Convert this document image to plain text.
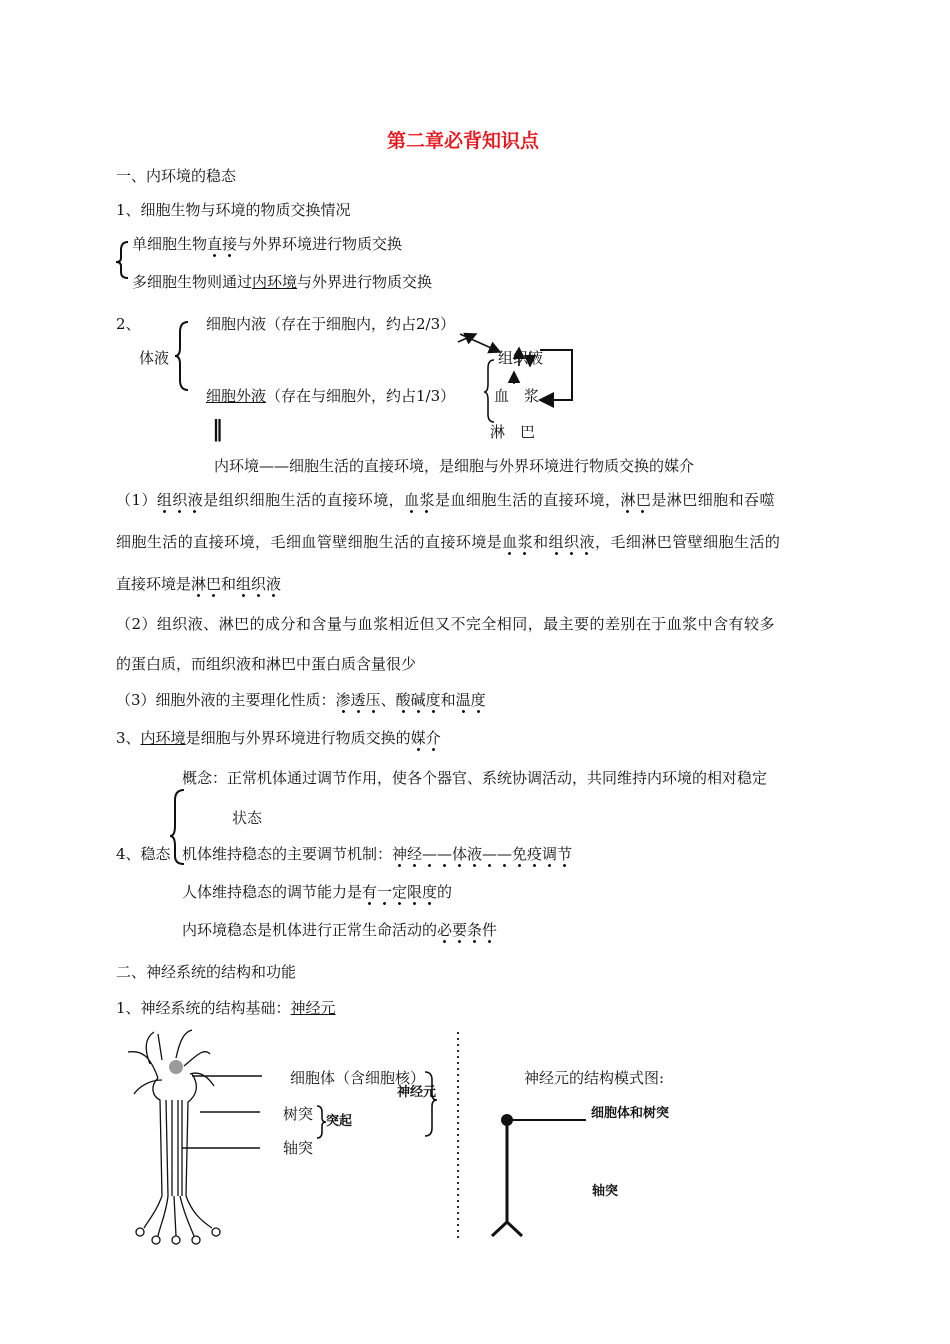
第二章必背知识点
一、内环境的稳态
1、细胞生物与环境的物质交换情况
单细胞生物直接与外界环境进行物质交换
多细胞生物则通过内环境与外界进行物质交换
2、
体液
细胞内液（存在于细胞内，约占2/3）
细胞外液（存在与细胞外，约占1/3）
组织液
血　浆
淋　巴
‖
内环境——细胞生活的直接环境，是细胞与外界环境进行物质交换的媒介
（1）组织液是组织细胞生活的直接环境，血浆是血细胞生活的直接环境，淋巴是淋巴细胞和吞噬
细胞生活的直接环境，毛细血管壁细胞生活的直接环境是血浆和组织液，毛细淋巴管壁细胞生活的
直接环境是淋巴和组织液
（2）组织液、淋巴的成分和含量与血浆相近但又不完全相同，最主要的差别在于血浆中含有较多
的蛋白质，而组织液和淋巴中蛋白质含量很少
（3）细胞外液的主要理化性质：渗透压、酸碱度和温度
3、内环境是细胞与外界环境进行物质交换的媒介
概念：正常机体通过调节作用，使各个器官、系统协调活动，共同维持内环境的相对稳定
状态
4、稳态 机体维持稳态的主要调节机制：神经——体液——免疫调节
人体维持稳态的调节能力是有一定限度的
内环境稳态是机体进行正常生命活动的必要条件
二、神经系统的结构和功能
1、神经系统的结构基础：神经元
细胞体（含细胞核）
树突
轴突
突起
神经元
神经元的结构模式图:
细胞体和树突
轴突
